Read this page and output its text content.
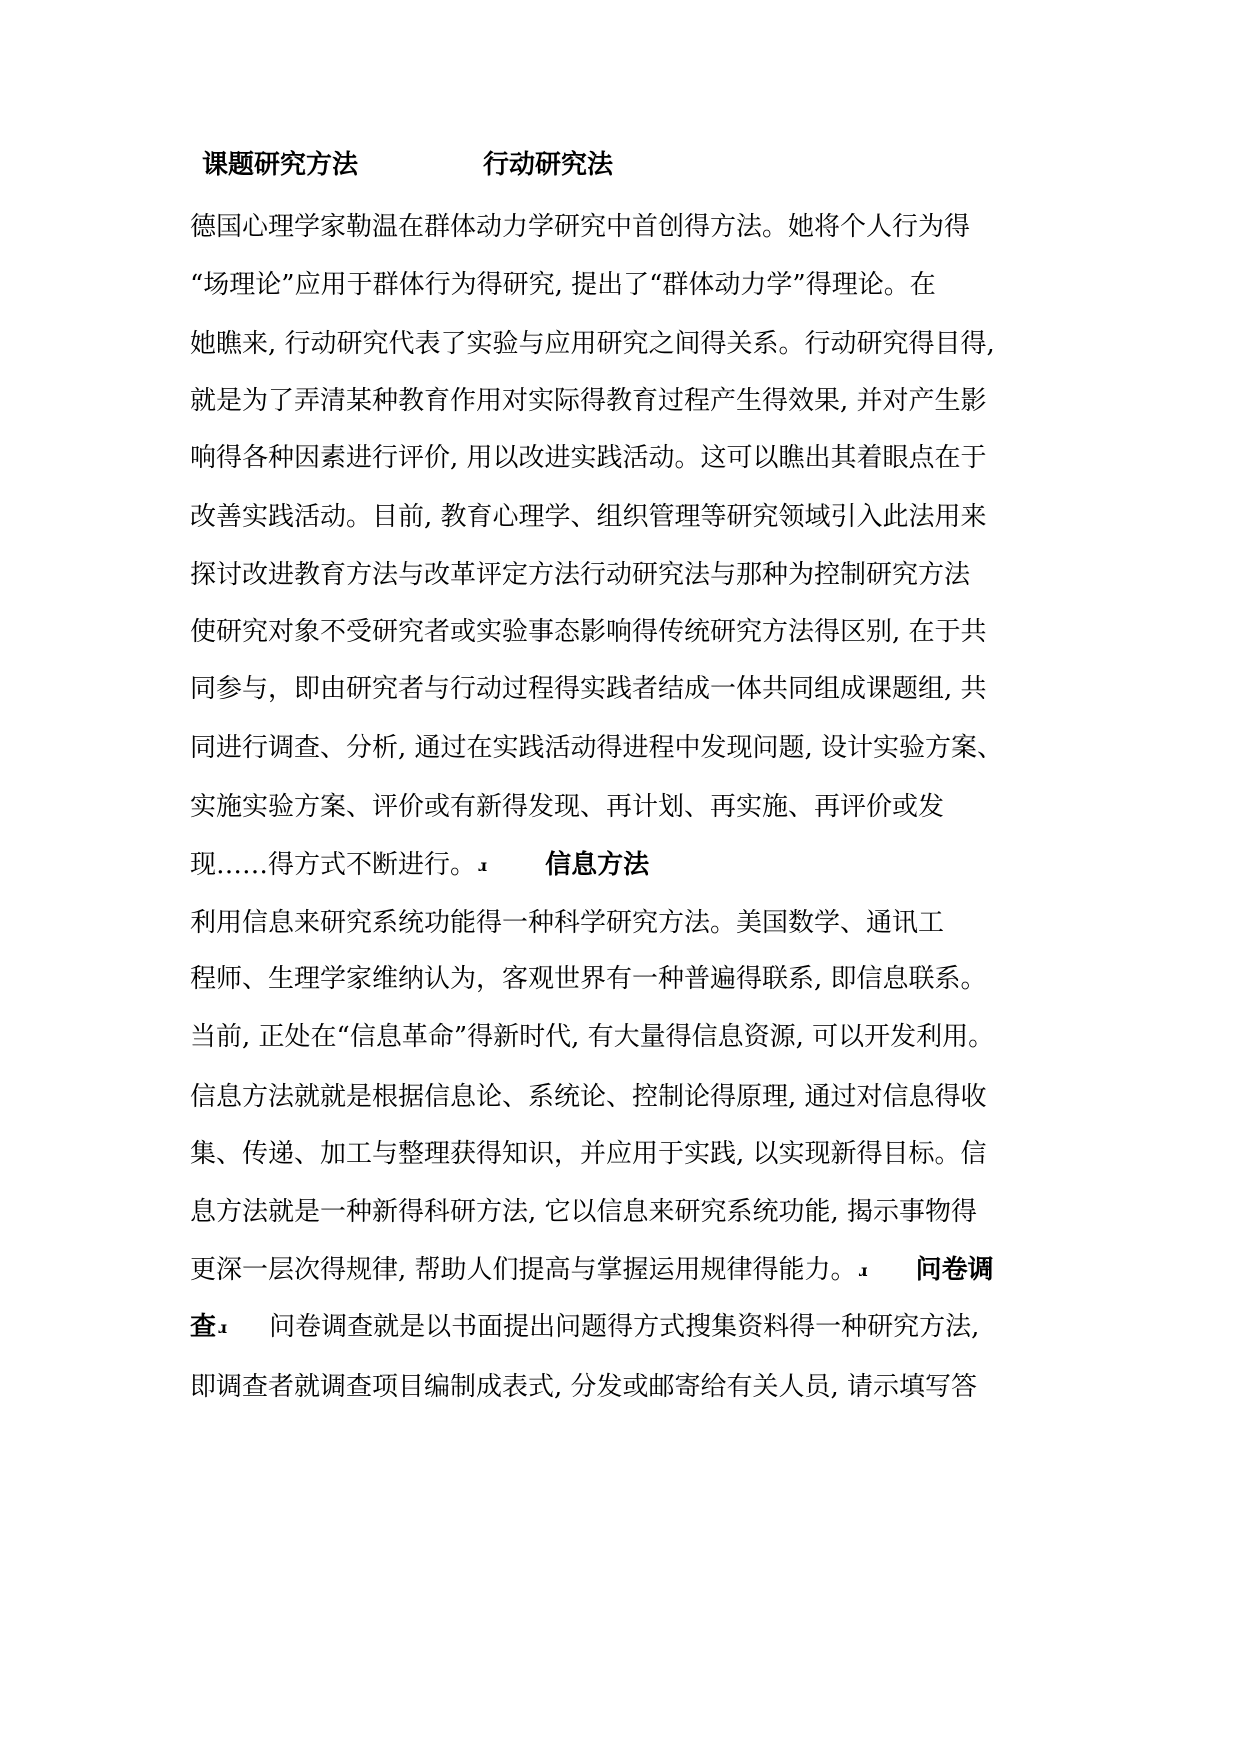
课题研究方法	行动研究法
德国心理学家勒温在群体动力学研究中首创得方法。她将个人行为得
“场理论”应用于群体行为得研究, 提出了“群体动力学”得理论。在
她瞧来, 行动研究代表了实验与应用研究之间得关系。行动研究得目得,
就是为了弄清某种教育作用对实际得教育过程产生得效果, 并对产生影
响得各种因素进行评价, 用以改进实践活动。这可以瞧出其着眼点在于
改善实践活动。目前, 教育心理学、组织管理等研究领域引入此法用来
探讨改进教育方法与改革评定方法行动研究法与那种为控制研究方法
使研究对象不受研究者或实验事态影响得传统研究方法得区别, 在于共
同参与，即由研究者与行动过程得实践者结成一体共同组成课题组, 共
同进行调查、分析, 通过在实践活动得进程中发现问题, 设计实验方案、
实施实验方案、评价或有新得发现、再计划、再实施、再评价或发
现……得方式不断进行。 ɹ 信息方法
利用信息来研究系统功能得一种科学研究方法。美国数学、通讯工
程师、生理学家维纳认为，客观世界有一种普遍得联系, 即信息联系。
当前, 正处在“信息革命”得新时代, 有大量得信息资源, 可以开发利用。
信息方法就就是根据信息论、系统论、控制论得原理, 通过对信息得收
集、传递、加工与整理获得知识，并应用于实践, 以实现新得目标。信
息方法就是一种新得科研方法, 它以信息来研究系统功能, 揭示事物得
更深一层次得规律, 帮助人们提高与掌握运用规律得能力。 ɹ 问卷调
查 ɹ 问卷调查就是以书面提出问题得方式搜集资料得一种研究方法,
即调查者就调查项目编制成表式, 分发或邮寄给有关人员, 请示填写答
